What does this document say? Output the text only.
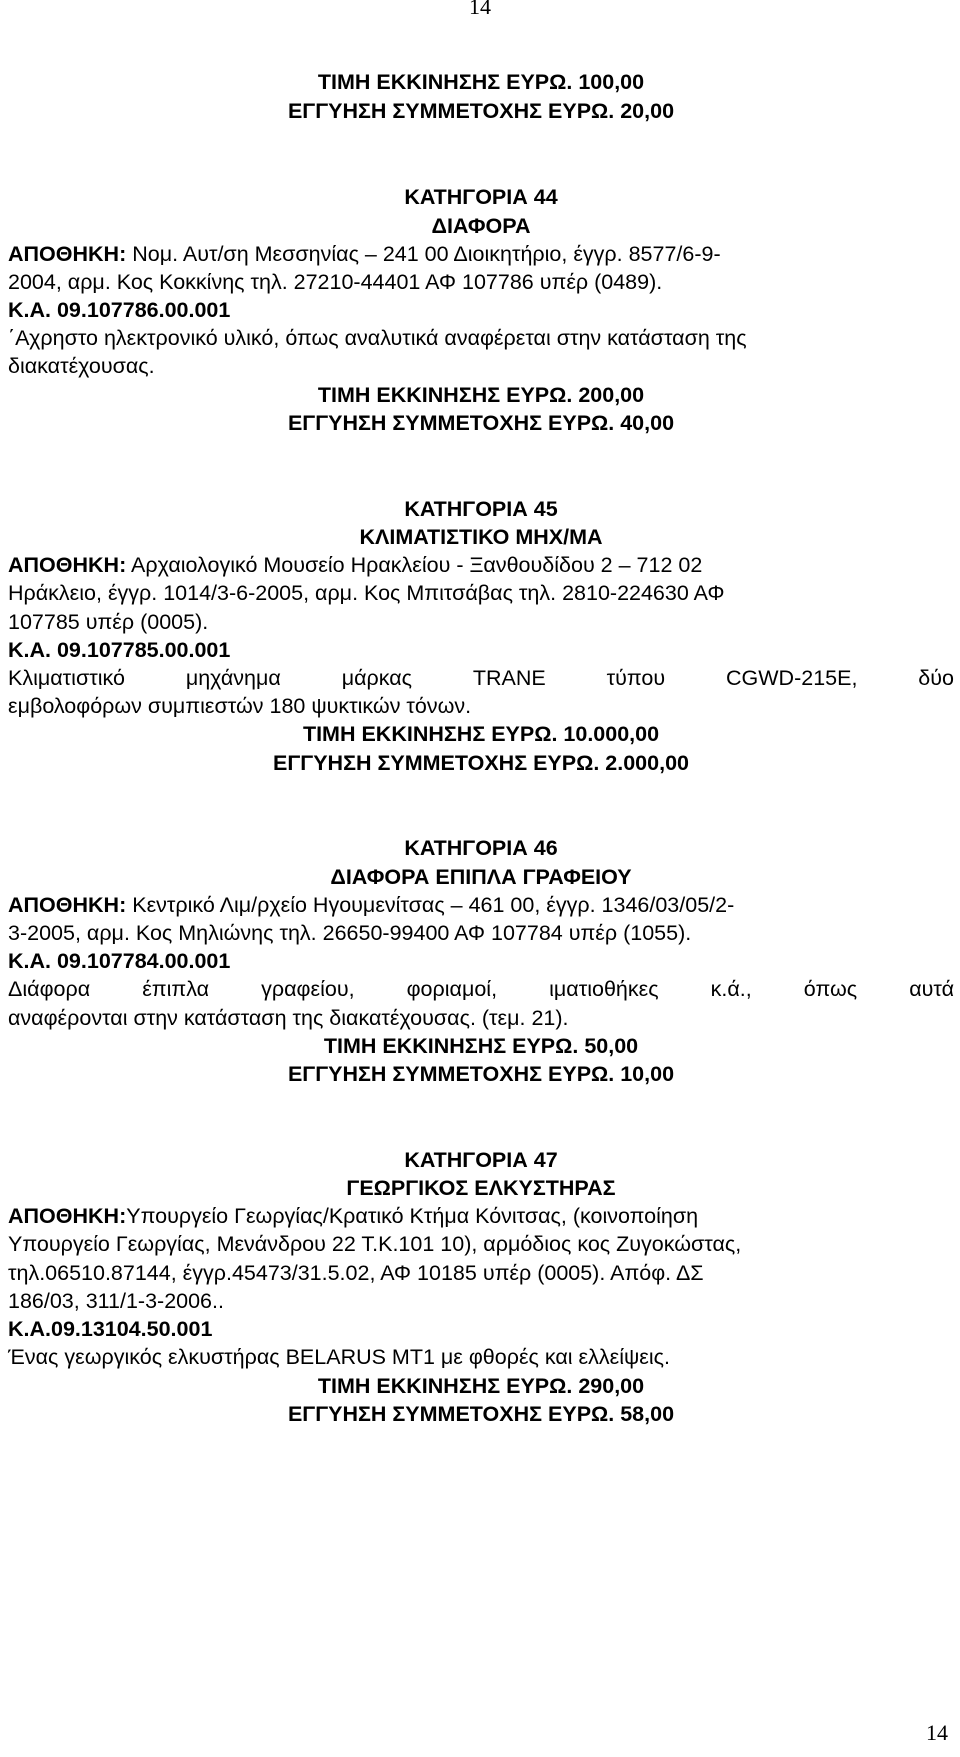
14
ΤΙΜΗ ΕΚΚΙΝΗΣΗΣ ΕΥΡΩ. 100,00
ΕΓΓΥΗΣΗ ΣΥΜΜΕΤΟΧΗΣ ΕΥΡΩ. 20,00
ΚΑΤΗΓΟΡΙΑ 44
ΔΙΑΦΟΡΑ
ΑΠΟΘΗΚΗ: Νομ. Αυτ/ση Μεσσηνίας – 241 00 Διοικητήριο, έγγρ. 8577/6-9-
2004, αρμ. Κος Κοκκίνης τηλ. 27210-44401 ΑΦ 107786 υπέρ (0489).
Κ.Α. 09.107786.00.001
΄Αχρηστο ηλεκτρονικό υλικό, όπως αναλυτικά αναφέρεται στην κατάσταση της
διακατέχουσας.
ΤΙΜΗ ΕΚΚΙΝΗΣΗΣ ΕΥΡΩ. 200,00
ΕΓΓΥΗΣΗ ΣΥΜΜΕΤΟΧΗΣ ΕΥΡΩ. 40,00
ΚΑΤΗΓΟΡΙΑ 45
ΚΛΙΜΑΤΙΣΤΙΚΟ ΜΗΧ/ΜΑ
ΑΠΟΘΗΚΗ: Αρχαιολογικό Μουσείο Ηρακλείου - Ξανθουδίδου 2 – 712 02
Ηράκλειο, έγγρ. 1014/3-6-2005, αρμ. Κος Μπιτσάβας τηλ. 2810-224630 ΑΦ
107785 υπέρ (0005).
Κ.Α. 09.107785.00.001
Κλιματιστικό μηχάνημα μάρκας TRANE τύπου CGWD-215E, δύο
εμβολοφόρων συμπιεστών 180 ψυκτικών τόνων.
ΤΙΜΗ ΕΚΚΙΝΗΣΗΣ ΕΥΡΩ. 10.000,00
ΕΓΓΥΗΣΗ ΣΥΜΜΕΤΟΧΗΣ ΕΥΡΩ. 2.000,00
ΚΑΤΗΓΟΡΙΑ 46
ΔΙΑΦΟΡΑ ΕΠΙΠΛΑ ΓΡΑΦΕΙΟΥ
ΑΠΟΘΗΚΗ: Κεντρικό Λιμ/ρχείο Ηγουμενίτσας – 461 00, έγγρ. 1346/03/05/2-
3-2005, αρμ. Κος Μηλιώνης τηλ. 26650-99400 ΑΦ 107784 υπέρ (1055).
Κ.Α. 09.107784.00.001
Διάφορα έπιπλα γραφείου, φοριαμοί, ιματιοθήκες κ.ά., όπως αυτά
αναφέρονται στην κατάσταση της διακατέχουσας. (τεμ. 21).
ΤΙΜΗ ΕΚΚΙΝΗΣΗΣ ΕΥΡΩ. 50,00
ΕΓΓΥΗΣΗ ΣΥΜΜΕΤΟΧΗΣ ΕΥΡΩ. 10,00
ΚΑΤΗΓΟΡΙΑ 47
ΓΕΩΡΓΙΚΟΣ ΕΛΚΥΣΤΗΡΑΣ
ΑΠΟΘΗΚΗ:Υπουργείο Γεωργίας/Κρατικό Κτήμα Κόνιτσας, (κοινοποίηση
Υπουργείο Γεωργίας, Μενάνδρου 22 Τ.Κ.101 10), αρμόδιος κος Ζυγοκώστας,
τηλ.06510.87144, έγγρ.45473/31.5.02, ΑΦ 10185 υπέρ (0005). Απόφ. ΔΣ
186/03, 311/1-3-2006..
Κ.Α.09.13104.50.001
Ένας γεωργικός ελκυστήρας BELARUS MT1 με φθορές και ελλείψεις.
ΤΙΜΗ ΕΚΚΙΝΗΣΗΣ ΕΥΡΩ. 290,00
ΕΓΓΥΗΣΗ ΣΥΜΜΕΤΟΧΗΣ ΕΥΡΩ. 58,00
14
